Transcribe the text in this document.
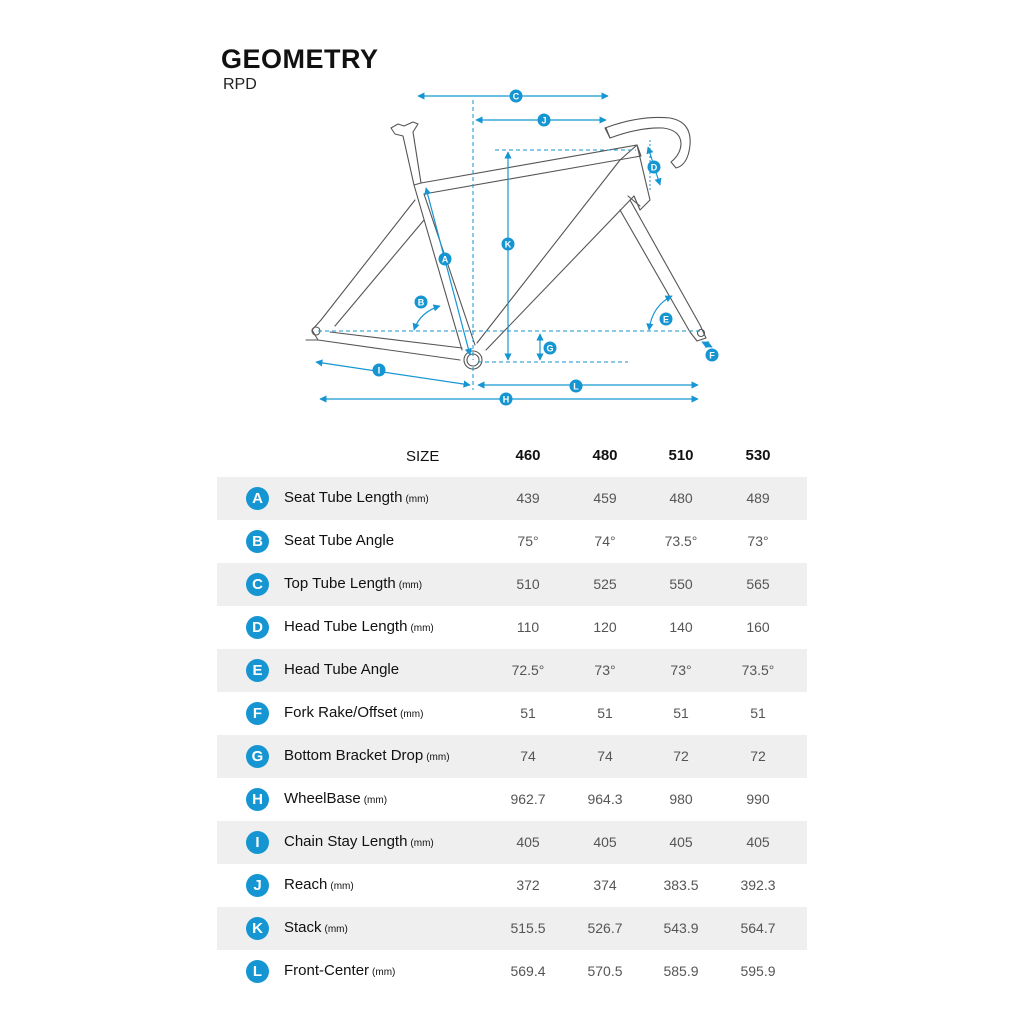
GEOMETRY
RPD
C
J
D
K
A
B
E
G
F
I
L
H
SIZE	460	480	510	530
A	Seat Tube Length (mm)	439	459	480	489
B	Seat Tube Angle	75°	74°	73.5°	73°
C	Top Tube Length (mm)	510	525	550	565
D	Head Tube Length (mm)	110	120	140	160
E	Head Tube Angle	72.5°	73°	73°	73.5°
F	Fork Rake/Offset (mm)	51	51	51	51
G	Bottom Bracket Drop (mm)	74	74	72	72
H	WheelBase (mm)	962.7	964.3	980	990
I	Chain Stay Length (mm)	405	405	405	405
J	Reach (mm)	372	374	383.5	392.3
K	Stack (mm)	515.5	526.7	543.9	564.7
L	Front-Center (mm)	569.4	570.5	585.9	595.9
